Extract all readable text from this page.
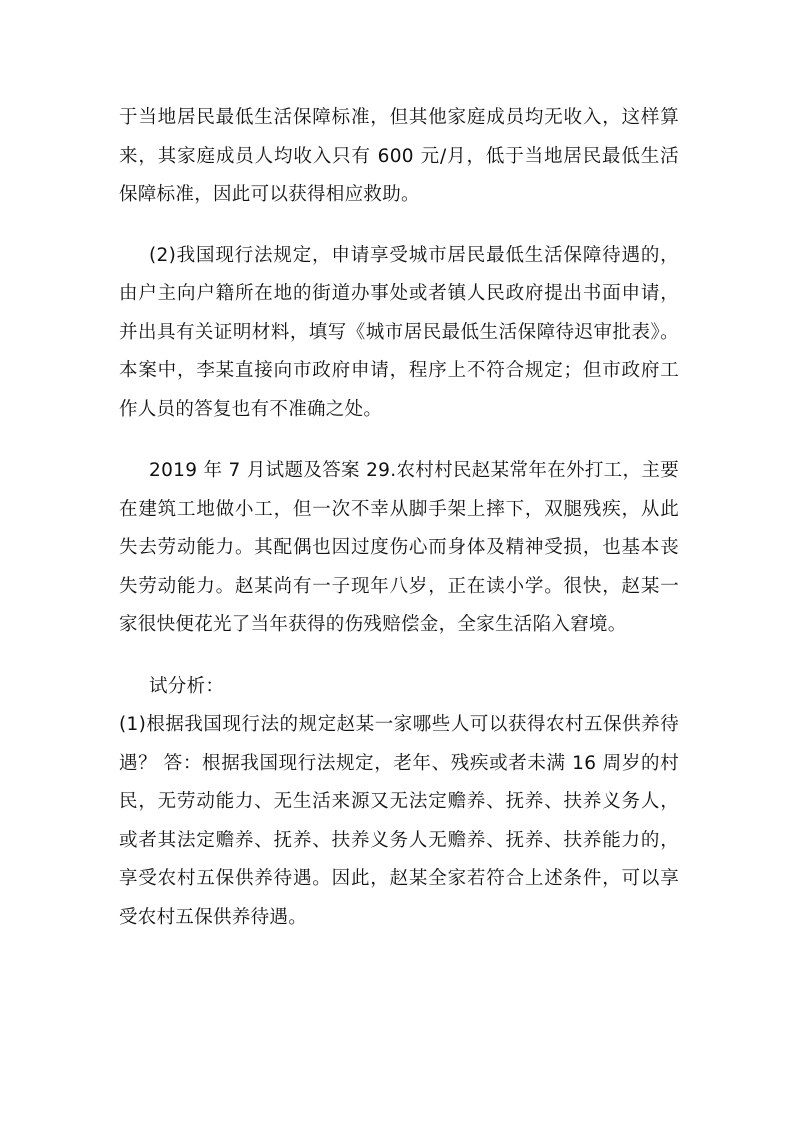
于当地居民最低生活保障标准，但其他家庭成员均无收入，这样算来，其家庭成员人均收入只有 600 元/月，低于当地居民最低生活保障标准，因此可以获得相应救助。

(2)我国现行法规定，申请享受城市居民最低生活保障待遇的，由户主向户籍所在地的街道办事处或者镇人民政府提出书面申请，并出具有关证明材料，填写《城市居民最低生活保障待迟审批表》。本案中，李某直接向市政府申请，程序上不符合规定；但市政府工作人员的答复也有不准确之处。

2019 年 7 月试题及答案 29.农村村民赵某常年在外打工，主要在建筑工地做小工，但一次不幸从脚手架上摔下，双腿残疾，从此失去劳动能力。其配偶也因过度伤心而身体及精神受损，也基本丧失劳动能力。赵某尚有一子现年八岁，正在读小学。很快，赵某一家很快便花光了当年获得的伤残赔偿金，全家生活陷入窘境。

试分析：

(1)根据我国现行法的规定赵某一家哪些人可以获得农村五保供养待遇？ 答：根据我国现行法规定，老年、残疾或者未满 16 周岁的村民，无劳动能力、无生活来源又无法定赡养、抚养、扶养义务人，或者其法定赡养、抚养、扶养义务人无赡养、抚养、扶养能力的，享受农村五保供养待遇。因此，赵某全家若符合上述条件，可以享受农村五保供养待遇。
